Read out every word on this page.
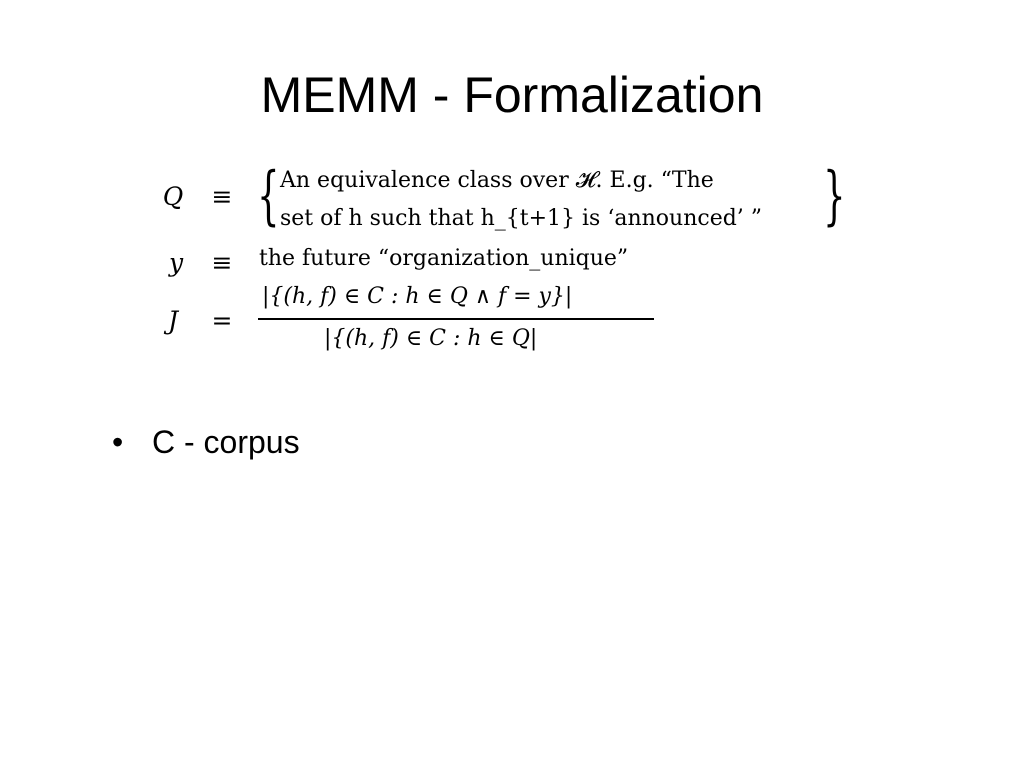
MEMM - Formalization
Q	≡ { An equivalence class over 𝓗. E.g. “The
set of h such that h_{t+1} is ‘announced’ ” }
y	≡ the future “organization_unique”
J	=
|{(h, f) ∈ C : h ∈ Q ∧ f = y}|
|{(h, f) ∈ C : h ∈ Q|
• C - corpus
